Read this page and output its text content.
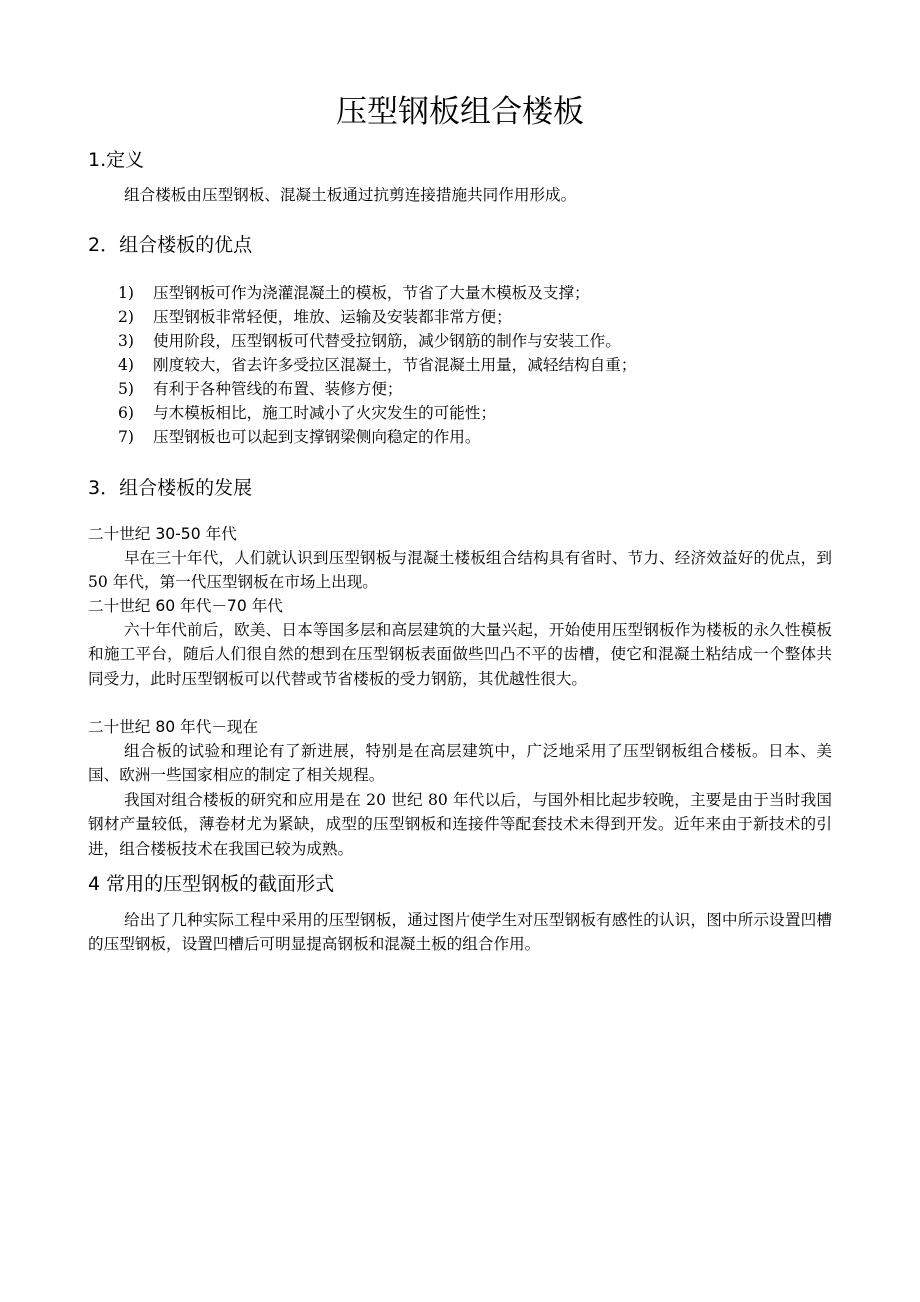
压型钢板组合楼板
1.定义
组合楼板由压型钢板、混凝土板通过抗剪连接措施共同作用形成。
2．组合楼板的优点
1) 压型钢板可作为浇灌混凝土的模板，节省了大量木模板及支撑；
2) 压型钢板非常轻便，堆放、运输及安装都非常方便；
3) 使用阶段，压型钢板可代替受拉钢筋，减少钢筋的制作与安装工作。
4) 刚度较大，省去许多受拉区混凝土，节省混凝土用量，减轻结构自重；
5) 有利于各种管线的布置、装修方便；
6) 与木模板相比，施工时减小了火灾发生的可能性；
7) 压型钢板也可以起到支撑钢梁侧向稳定的作用。
3．组合楼板的发展
二十世纪 30-50 年代

早在三十年代，人们就认识到压型钢板与混凝土楼板组合结构具有省时、节力、经济效益好的优点，到 50 年代，第一代压型钢板在市场上出现。

二十世纪 60 年代－70 年代

六十年代前后，欧美、日本等国多层和高层建筑的大量兴起，开始使用压型钢板作为楼板的永久性模板和施工平台，随后人们很自然的想到在压型钢板表面做些凹凸不平的齿槽，使它和混凝土粘结成一个整体共同受力，此时压型钢板可以代替或节省楼板的受力钢筋，其优越性很大。

二十世纪 80 年代－现在

组合板的试验和理论有了新进展，特别是在高层建筑中，广泛地采用了压型钢板组合楼板。日本、美国、欧洲一些国家相应的制定了相关规程。

我国对组合楼板的研究和应用是在 20 世纪 80 年代以后，与国外相比起步较晚，主要是由于当时我国钢材产量较低，薄卷材尤为紧缺，成型的压型钢板和连接件等配套技术未得到开发。近年来由于新技术的引进，组合楼板技术在我国已较为成熟。

4 常用的压型钢板的截面形式

给出了几种实际工程中采用的压型钢板，通过图片使学生对压型钢板有感性的认识，图中所示设置凹槽的压型钢板，设置凹槽后可明显提高钢板和混凝土板的组合作用。
